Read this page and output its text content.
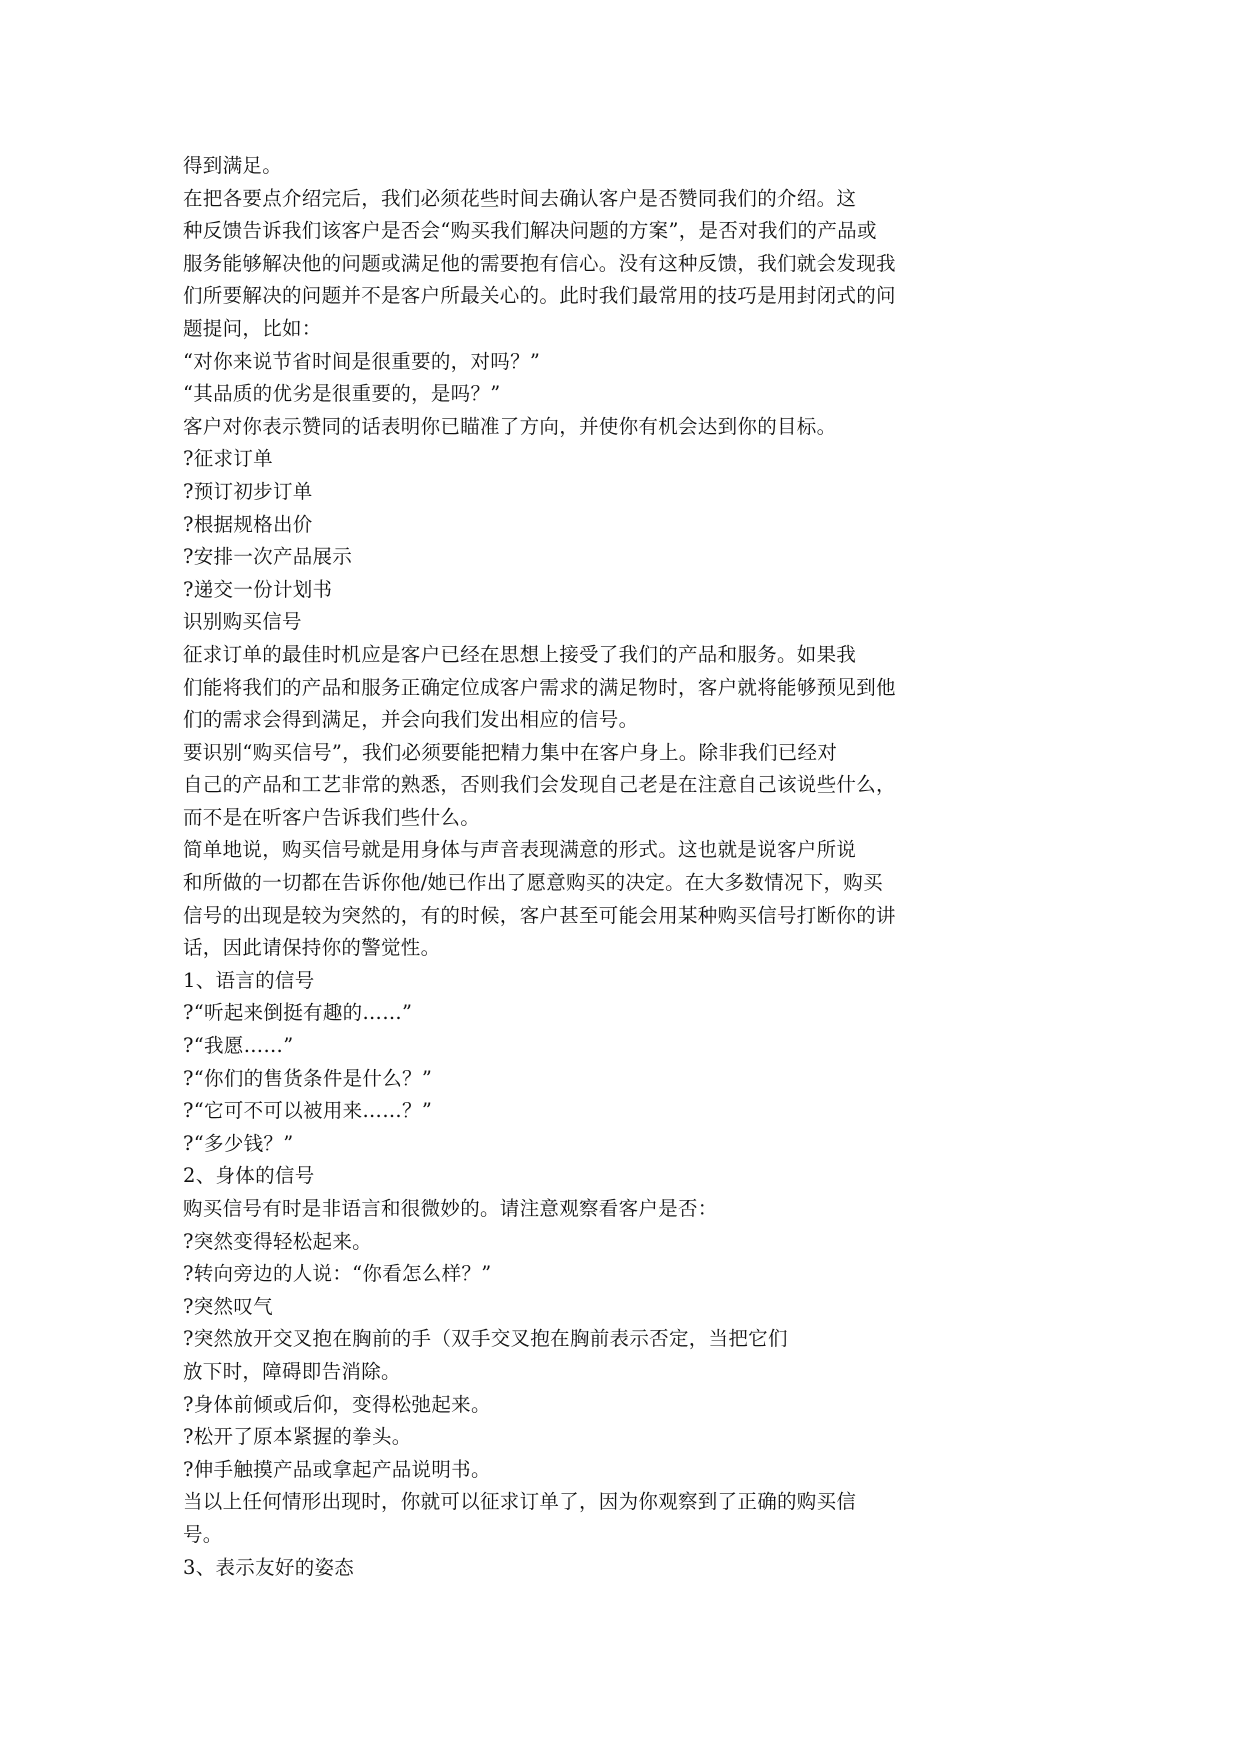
得到满足。
在把各要点介绍完后，我们必须花些时间去确认客户是否赞同我们的介绍。这
种反馈告诉我们该客户是否会“购买我们解决问题的方案”，是否对我们的产品或
服务能够解决他的问题或满足他的需要抱有信心。没有这种反馈，我们就会发现我
们所要解决的问题并不是客户所最关心的。此时我们最常用的技巧是用封闭式的问
题提问，比如：
“对你来说节省时间是很重要的，对吗？”
“其品质的优劣是很重要的，是吗？”
客户对你表示赞同的话表明你已瞄准了方向，并使你有机会达到你的目标。
?征求订单
?预订初步订单
?根据规格出价
?安排一次产品展示
?递交一份计划书
识别购买信号
征求订单的最佳时机应是客户已经在思想上接受了我们的产品和服务。如果我
们能将我们的产品和服务正确定位成客户需求的满足物时，客户就将能够预见到他
们的需求会得到满足，并会向我们发出相应的信号。
要识别“购买信号”，我们必须要能把精力集中在客户身上。除非我们已经对
自己的产品和工艺非常的熟悉，否则我们会发现自己老是在注意自己该说些什么，
而不是在听客户告诉我们些什么。
简单地说，购买信号就是用身体与声音表现满意的形式。这也就是说客户所说
和所做的一切都在告诉你他/她已作出了愿意购买的决定。在大多数情况下，购买
信号的出现是较为突然的，有的时候，客户甚至可能会用某种购买信号打断你的讲
话，因此请保持你的警觉性。
1、语言的信号
?“听起来倒挺有趣的……”
?“我愿……”
?“你们的售货条件是什么？”
?“它可不可以被用来……？”
?“多少钱？”
2、身体的信号
购买信号有时是非语言和很微妙的。请注意观察看客户是否：
?突然变得轻松起来。
?转向旁边的人说：“你看怎么样？”
?突然叹气
?突然放开交叉抱在胸前的手（双手交叉抱在胸前表示否定，当把它们
放下时，障碍即告消除。
?身体前倾或后仰，变得松弛起来。
?松开了原本紧握的拳头。
?伸手触摸产品或拿起产品说明书。
当以上任何情形出现时，你就可以征求订单了，因为你观察到了正确的购买信
号。
3、表示友好的姿态
